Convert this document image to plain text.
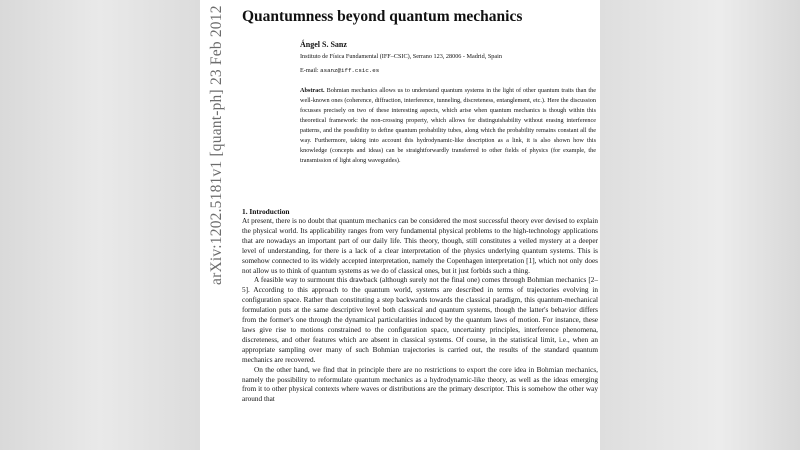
arXiv:1202.5181v1 [quant-ph] 23 Feb 2012 Quantumness beyond quantum mechanics
Ángel S. Sanz
Instituto de Física Fundamental (IFF–CSIC), Serrano 123, 28006 - Madrid, Spain
E-mail: asanz@iff.csic.es
Abstract. Bohmian mechanics allows us to understand quantum systems in the light of other quantum traits than the well-known ones (coherence, diffraction, interference, tunneling, discreteness, entanglement, etc.). Here the discussion focusses precisely on two of these interesting aspects, which arise when quantum mechanics is though within this theoretical framework: the non-crossing property, which allows for distinguishability without erasing interference patterns, and the possibility to define quantum probability tubes, along which the probability remains constant all the way. Furthermore, taking into account this hydrodynamic-like description as a link, it is also shown how this knowledge (concepts and ideas) can be straightforwardly transferred to other fields of physics (for example, the transmission of light along waveguides).
1. Introduction

At present, there is no doubt that quantum mechanics can be considered the most successful theory ever devised to explain the physical world. Its applicability ranges from very fundamental physical problems to the high-technology applications that are nowadays an important part of our daily life. This theory, though, still constitutes a veiled mystery at a deeper level of understanding, for there is a lack of a clear interpretation of the physics underlying quantum systems. This is somehow connected to its widely accepted interpretation, namely the Copenhagen interpretation [1], which not only does not allow us to think of quantum systems as we do of classical ones, but it just forbids such a thing.

A feasible way to surmount this drawback (although surely not the final one) comes through Bohmian mechanics [2–5]. According to this approach to the quantum world, systems are described in terms of trajectories evolving in configuration space. Rather than constituting a step backwards towards the classical paradigm, this quantum-mechanical formulation puts at the same descriptive level both classical and quantum systems, though the latter's behavior differs from the former's one through the dynamical particularities induced by the quantum laws of motion. For instance, these laws give rise to motions constrained to the configuration space, uncertainty principles, interference phenomena, discreteness, and other features which are absent in classical systems. Of course, in the statistical limit, i.e., when an appropriate sampling over many of such Bohmian trajectories is carried out, the results of the standard quantum mechanics are recovered.

On the other hand, we find that in principle there are no restrictions to export the core idea in Bohmian mechanics, namely the possibility to reformulate quantum mechanics as a hydrodynamic-like theory, as well as the ideas emerging from it to other physical contexts where waves or distributions are the primary descriptor. This is somehow the other way around that
